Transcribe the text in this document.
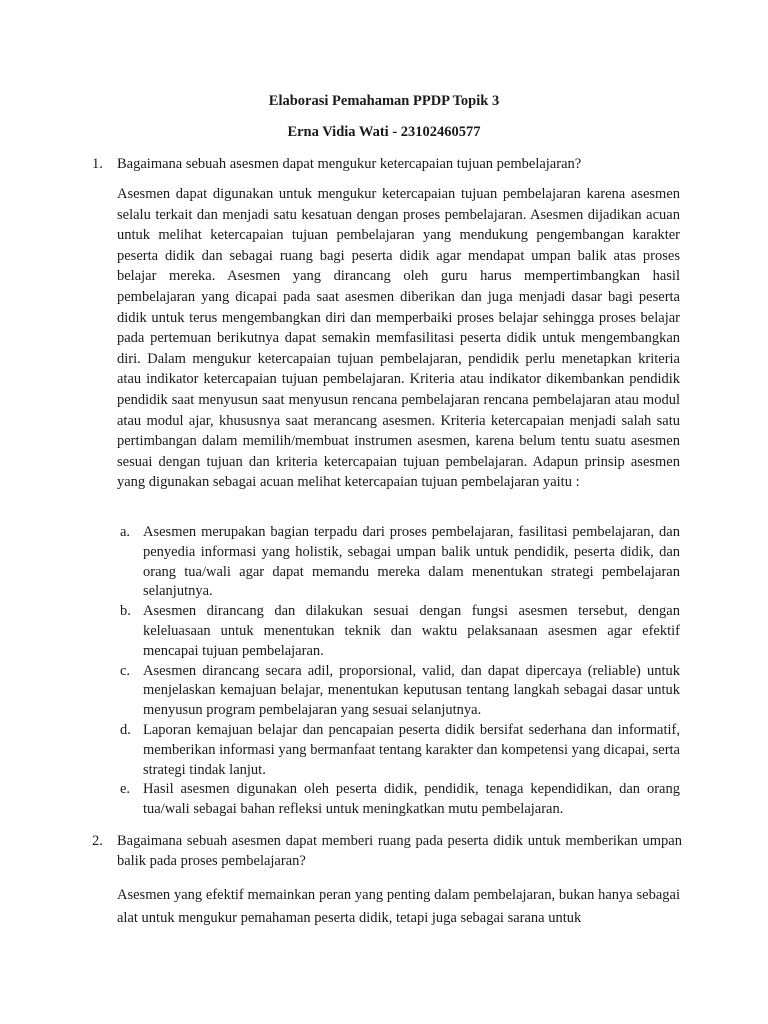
Elaborasi Pemahaman PPDP Topik 3
Erna Vidia Wati - 23102460577
1. Bagaimana sebuah asesmen dapat mengukur ketercapaian tujuan pembelajaran?
Asesmen dapat digunakan untuk mengukur ketercapaian tujuan pembelajaran karena asesmen selalu terkait dan menjadi satu kesatuan dengan proses pembelajaran. Asesmen dijadikan acuan untuk melihat ketercapaian tujuan pembelajaran yang mendukung pengembangan karakter peserta didik dan sebagai ruang bagi peserta didik agar mendapat umpan balik atas proses belajar mereka. Asesmen yang dirancang oleh guru harus mempertimbangkan hasil pembelajaran yang dicapai pada saat asesmen diberikan dan juga menjadi dasar bagi peserta didik untuk terus mengembangkan diri dan memperbaiki proses belajar sehingga proses belajar pada pertemuan berikutnya dapat semakin memfasilitasi peserta didik untuk mengembangkan diri. Dalam mengukur ketercapaian tujuan pembelajaran, pendidik perlu menetapkan kriteria atau indikator ketercapaian tujuan pembelajaran. Kriteria atau indikator dikembankan pendidik pendidik saat menyusun saat menyusun rencana pembelajaran rencana pembelajaran atau modul atau modul ajar, khususnya saat merancang asesmen. Kriteria ketercapaian menjadi salah satu pertimbangan dalam memilih/membuat instrumen asesmen, karena belum tentu suatu asesmen sesuai dengan tujuan dan kriteria ketercapaian tujuan pembelajaran. Adapun prinsip asesmen yang digunakan sebagai acuan melihat ketercapaian tujuan pembelajaran yaitu :
a. Asesmen merupakan bagian terpadu dari proses pembelajaran, fasilitasi pembelajaran, dan penyedia informasi yang holistik, sebagai umpan balik untuk pendidik, peserta didik, dan orang tua/wali agar dapat memandu mereka dalam menentukan strategi pembelajaran selanjutnya.
b. Asesmen dirancang dan dilakukan sesuai dengan fungsi asesmen tersebut, dengan keleluasaan untuk menentukan teknik dan waktu pelaksanaan asesmen agar efektif mencapai tujuan pembelajaran.
c. Asesmen dirancang secara adil, proporsional, valid, dan dapat dipercaya (reliable) untuk menjelaskan kemajuan belajar, menentukan keputusan tentang langkah sebagai dasar untuk menyusun program pembelajaran yang sesuai selanjutnya.
d. Laporan kemajuan belajar dan pencapaian peserta didik bersifat sederhana dan informatif, memberikan informasi yang bermanfaat tentang karakter dan kompetensi yang dicapai, serta strategi tindak lanjut.
e. Hasil asesmen digunakan oleh peserta didik, pendidik, tenaga kependidikan, dan orang tua/wali sebagai bahan refleksi untuk meningkatkan mutu pembelajaran.
2. Bagaimana sebuah asesmen dapat memberi ruang pada peserta didik untuk memberikan umpan balik pada proses pembelajaran?
Asesmen yang efektif memainkan peran yang penting dalam pembelajaran, bukan hanya sebagai alat untuk mengukur pemahaman peserta didik, tetapi juga sebagai sarana untuk
